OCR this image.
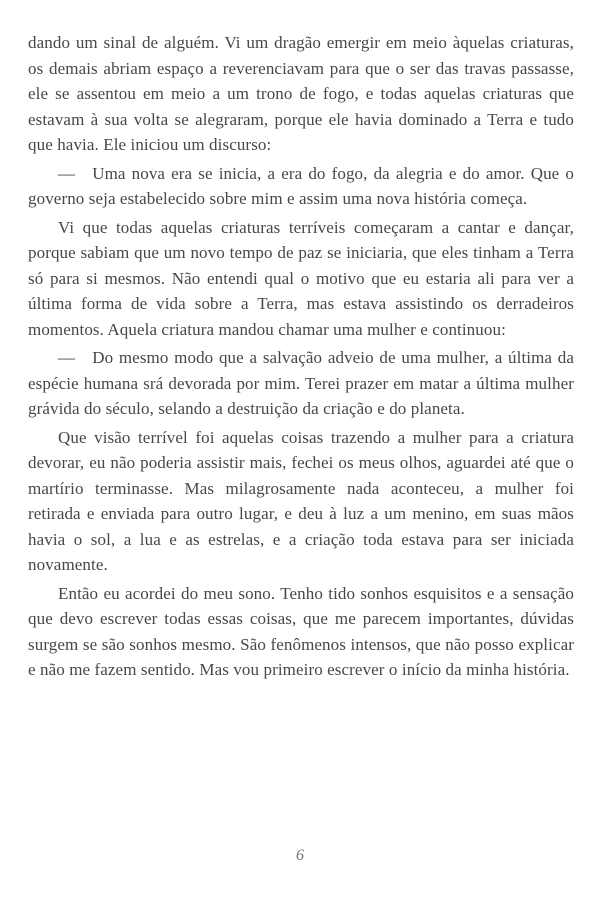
dando um sinal de alguém. Vi um dragão emergir em meio àquelas criaturas, os demais abriam espaço a reverenciavam para que o ser das travas passasse, ele se assentou em meio a um trono de fogo, e todas aquelas criaturas que estavam à sua volta se alegraram, porque ele havia dominado a Terra e tudo que havia. Ele iniciou um discurso:

— Uma nova era se inicia, a era do fogo, da alegria e do amor. Que o governo seja estabelecido sobre mim e assim uma nova história começa.

Vi que todas aquelas criaturas terríveis começaram a cantar e dançar, porque sabiam que um novo tempo de paz se iniciaria, que eles tinham a Terra só para si mesmos. Não entendi qual o motivo que eu estaria ali para ver a última forma de vida sobre a Terra, mas estava assistindo os derradeiros momentos. Aquela criatura mandou chamar uma mulher e continuou:

— Do mesmo modo que a salvação adveio de uma mulher, a última da espécie humana srá devorada por mim. Terei prazer em matar a última mulher grávida do século, selando a destruição da criação e do planeta.

Que visão terrível foi aquelas coisas trazendo a mulher para a criatura devorar, eu não poderia assistir mais, fechei os meus olhos, aguardei até que o martírio terminasse. Mas milagrosamente nada aconteceu, a mulher foi retirada e enviada para outro lugar, e deu à luz a um menino, em suas mãos havia o sol, a lua e as estrelas, e a criação toda estava para ser iniciada novamente.

Então eu acordei do meu sono. Tenho tido sonhos esquisitos e a sensação que devo escrever todas essas coisas, que me parecem importantes, dúvidas surgem se são sonhos mesmo. São fenômenos intensos, que não posso explicar e não me fazem sentido. Mas vou primeiro escrever o início da minha história.

6
